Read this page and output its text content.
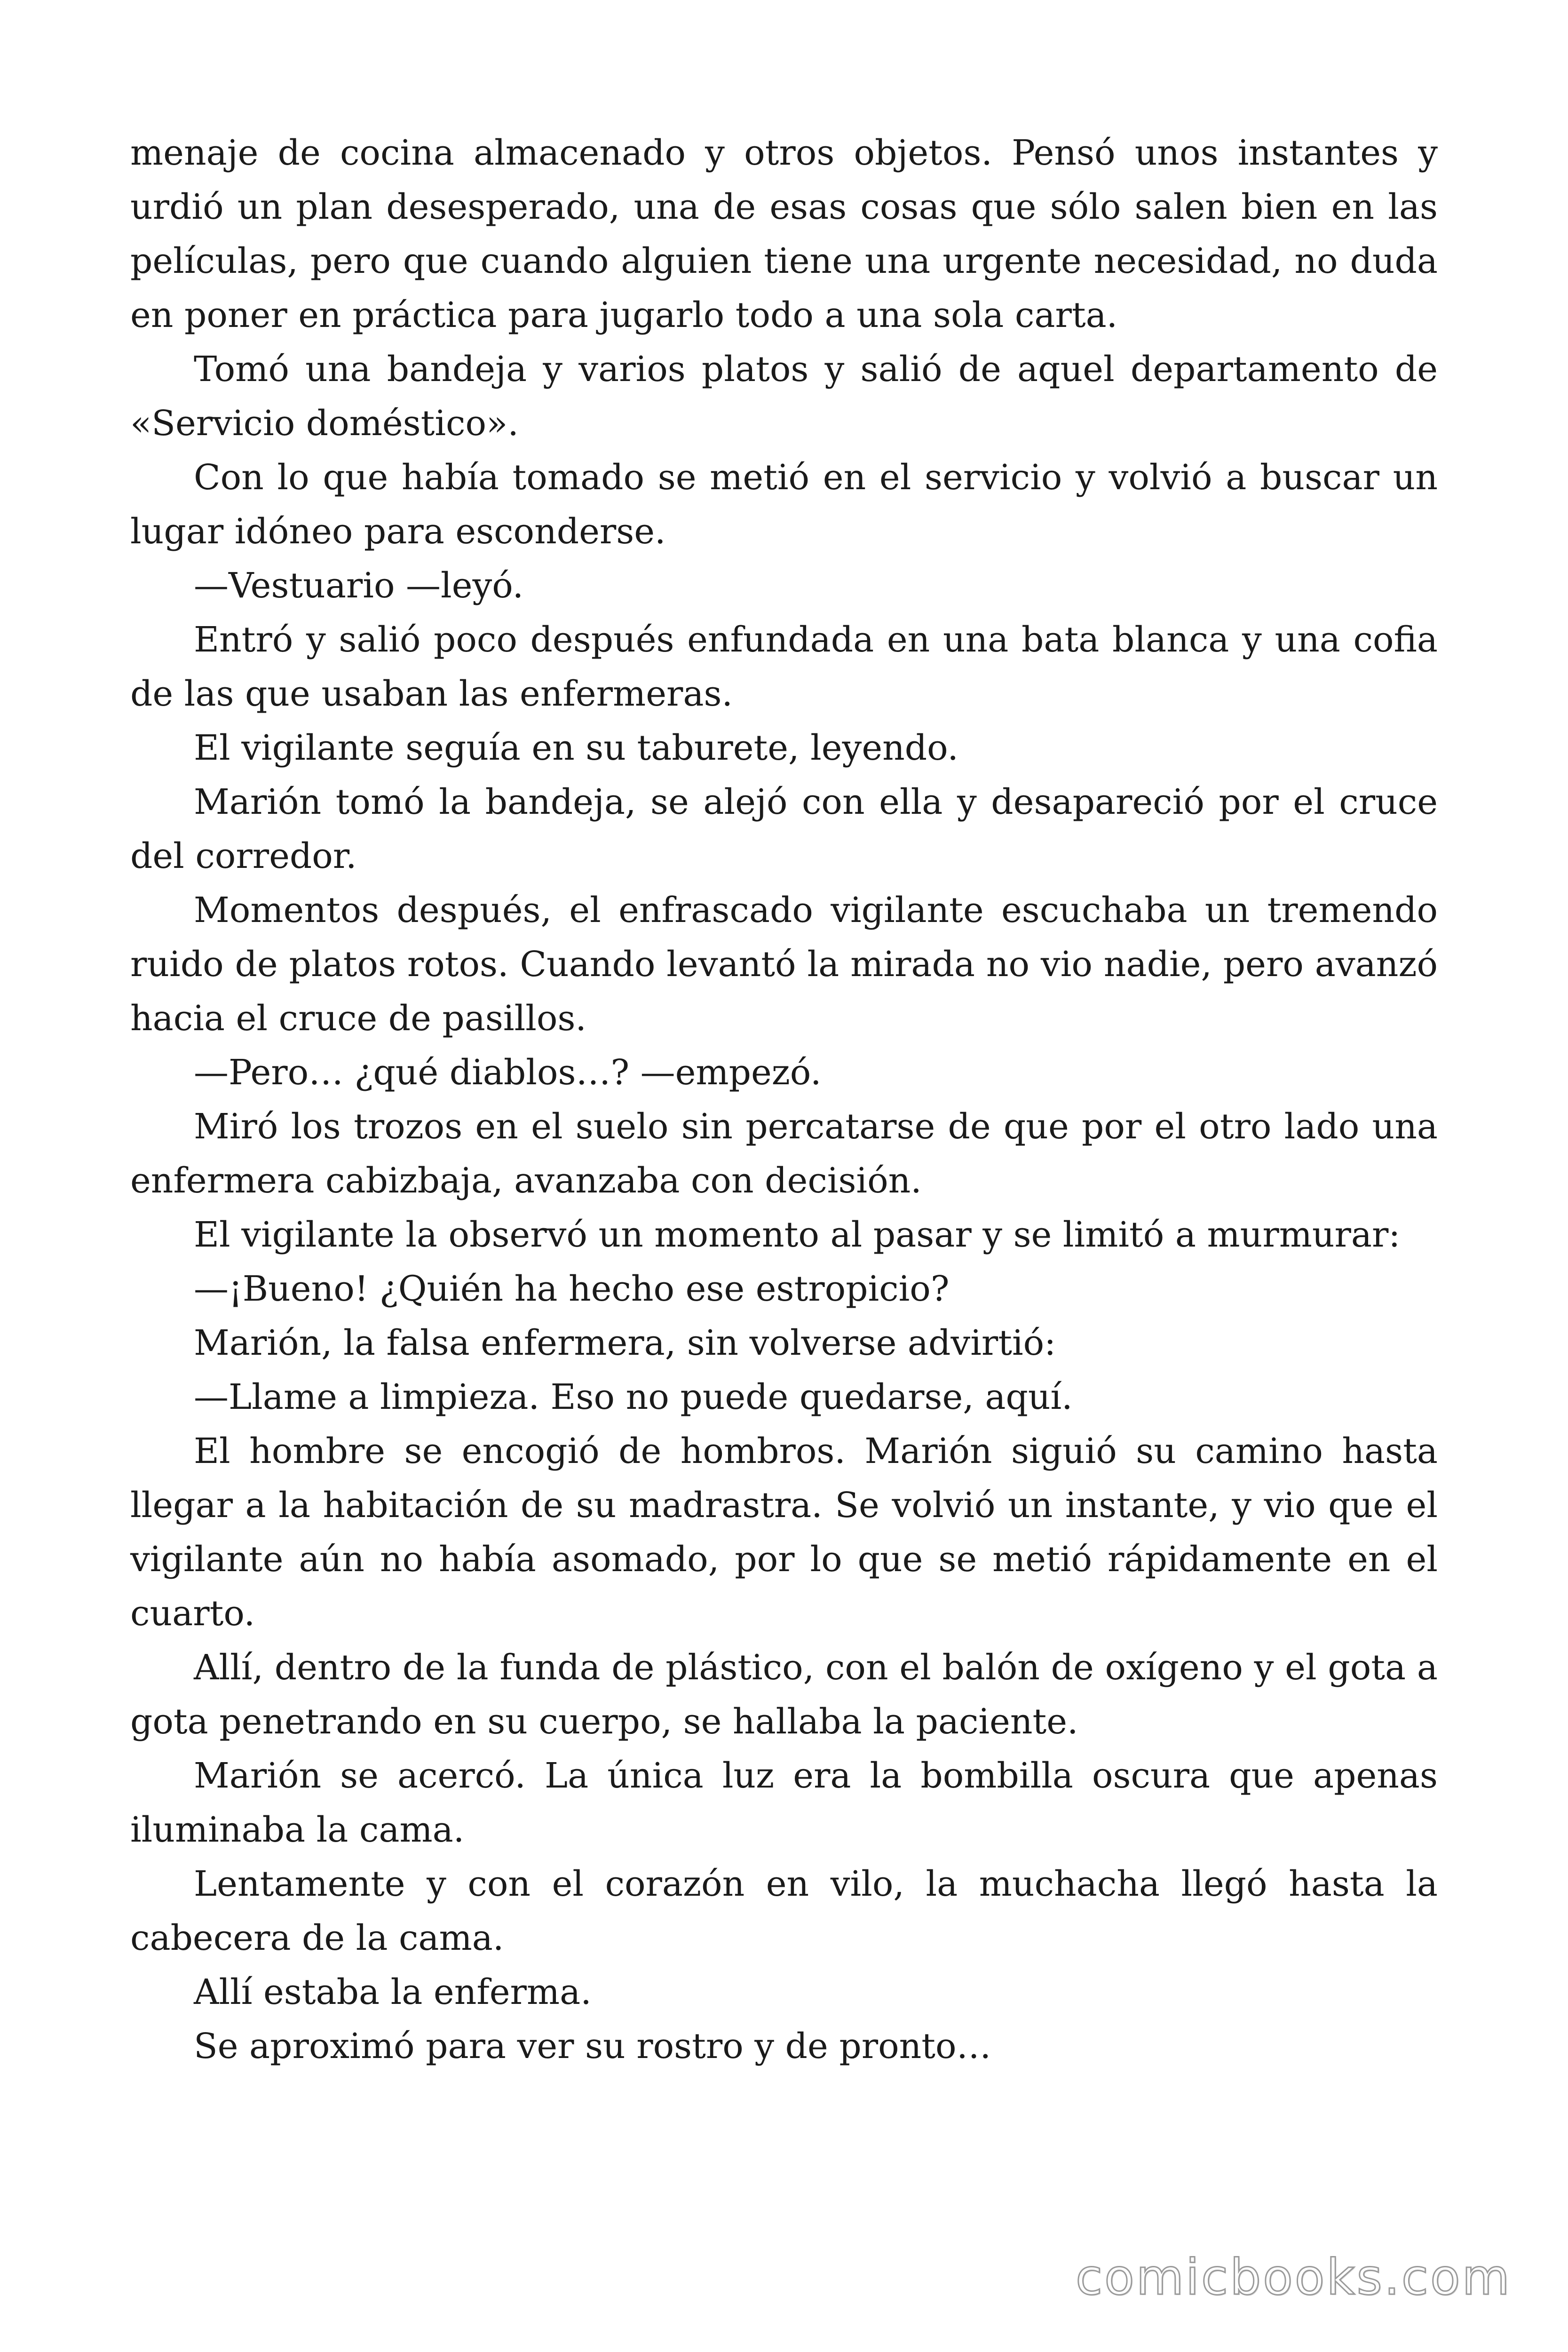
menaje de cocina almacenado y otros objetos. Pensó unos instantes y urdió un plan desesperado, una de esas cosas que sólo salen bien en las películas, pero que cuando alguien tiene una urgente necesidad, no duda en poner en práctica para jugarlo todo a una sola carta.

Tomó una bandeja y varios platos y salió de aquel departamento de «Servicio doméstico».

Con lo que había tomado se metió en el servicio y volvió a buscar un lugar idóneo para esconderse.

—Vestuario —leyó.

Entró y salió poco después enfundada en una bata blanca y una cofia de las que usaban las enfermeras.

El vigilante seguía en su taburete, leyendo.

Marión tomó la bandeja, se alejó con ella y desapareció por el cruce del corredor.

Momentos después, el enfrascado vigilante escuchaba un tremendo ruido de platos rotos. Cuando levantó la mirada no vio nadie, pero avanzó hacia el cruce de pasillos.

—Pero… ¿qué diablos…? —empezó.

Miró los trozos en el suelo sin percatarse de que por el otro lado una enfermera cabizbaja, avanzaba con decisión.

El vigilante la observó un momento al pasar y se limitó a murmurar:

—¡Bueno! ¿Quién ha hecho ese estropicio?

Marión, la falsa enfermera, sin volverse advirtió:

—Llame a limpieza. Eso no puede quedarse, aquí.

El hombre se encogió de hombros. Marión siguió su camino hasta llegar a la habitación de su madrastra. Se volvió un instante, y vio que el vigilante aún no había asomado, por lo que se metió rápidamente en el cuarto.

Allí, dentro de la funda de plástico, con el balón de oxígeno y el gota a gota penetrando en su cuerpo, se hallaba la paciente.

Marión se acercó. La única luz era la bombilla oscura que apenas iluminaba la cama.

Lentamente y con el corazón en vilo, la muchacha llegó hasta la cabecera de la cama.

Allí estaba la enferma.

Se aproximó para ver su rostro y de pronto…

comicbooks.com
